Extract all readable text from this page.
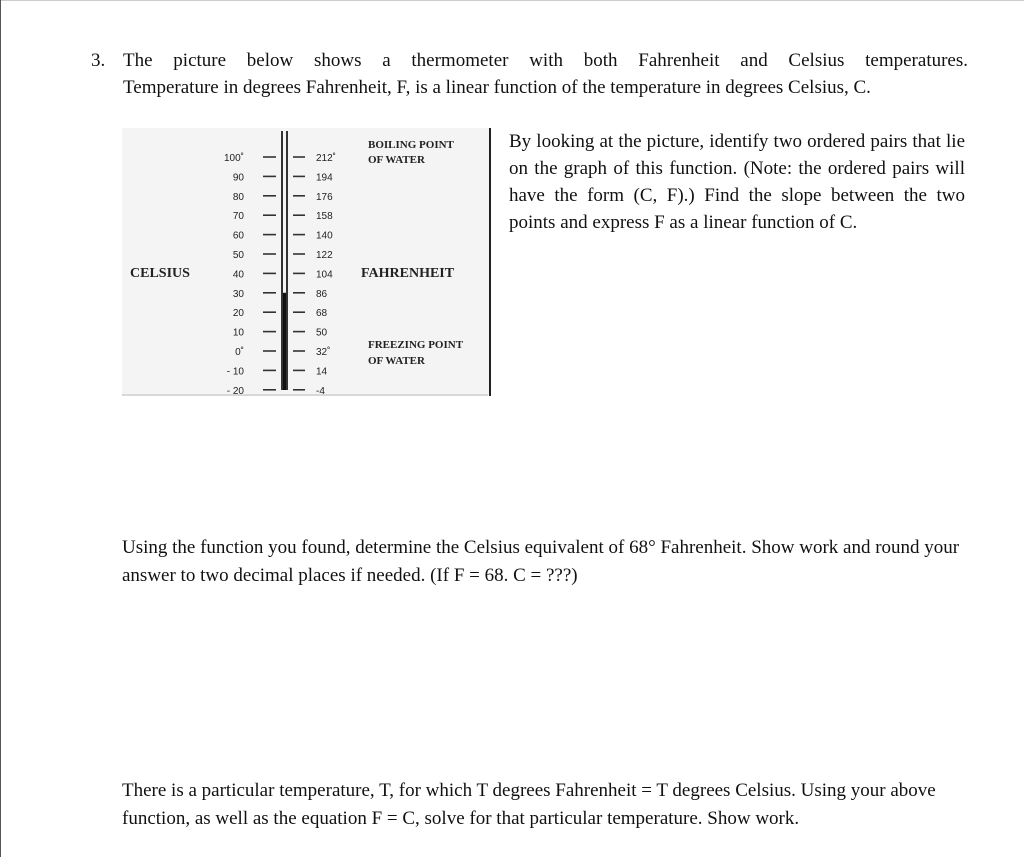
3. The picture below shows a thermometer with both Fahrenheit and Celsius temperatures.
Temperature in degrees Fahrenheit, F, is a linear function of the temperature in degrees Celsius, C.
CELSIUS	FAHRENHEIT
BOILING POINT
OF WATER
FREEZING POINT
OF WATER
100˚
90
80
70
60
50
40
30
20
10
0˚
- 10
- 20
212˚
194
176
158
140
122
104
86
68
50
32˚
14
-4
By looking at the picture, identify two ordered pairs that lie on the graph of this function. (Note: the ordered pairs will have the form (C, F).) Find the slope between the two points and express F as a linear function of C.
Using the function you found, determine the Celsius equivalent of 68° Fahrenheit. Show work and round your answer to two decimal places if needed. (If F = 68. C = ???)
There is a particular temperature, T, for which T degrees Fahrenheit = T degrees Celsius. Using your above function, as well as the equation F = C, solve for that particular temperature. Show work.
